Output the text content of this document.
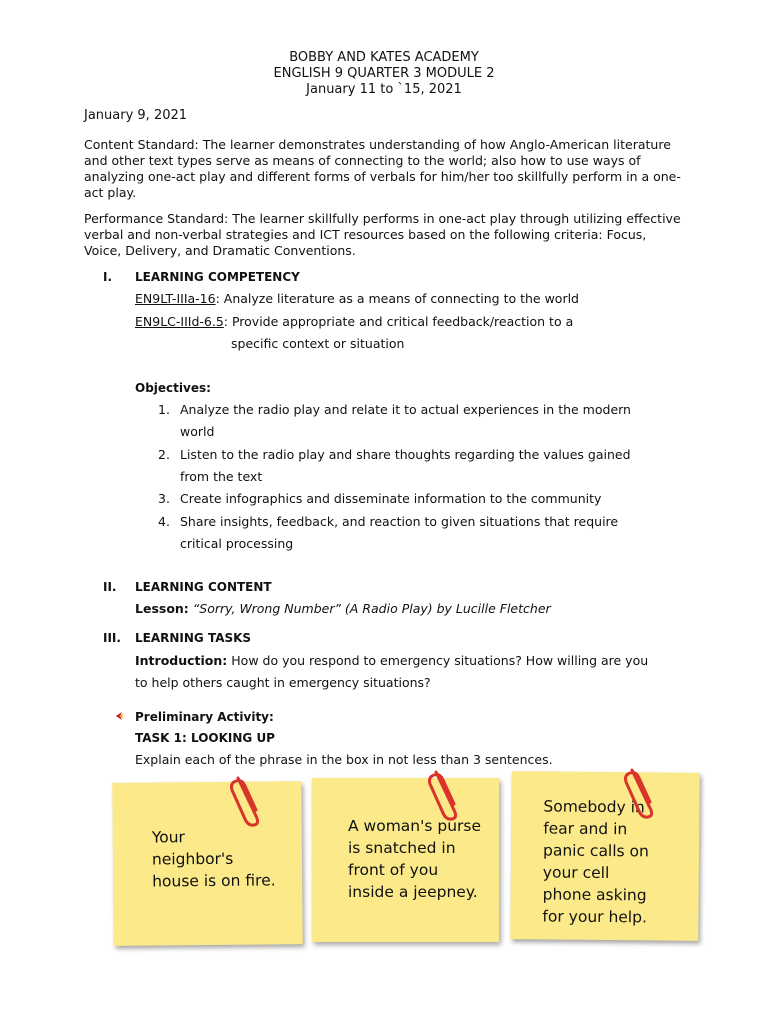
BOBBY AND KATES ACADEMY
ENGLISH 9 QUARTER 3 MODULE 2
January 11 to `15, 2021
January 9, 2021
Content Standard: The learner demonstrates understanding of how Anglo-American literature and other text types serve as means of connecting to the world; also how to use ways of analyzing one-act play and different forms of verbals for him/her too skillfully perform in a one-act play.
Performance Standard: The learner skillfully performs in one-act play through utilizing effective verbal and non-verbal strategies and ICT resources based on the following criteria: Focus, Voice, Delivery, and Dramatic Conventions.
I. LEARNING COMPETENCY
EN9LT-IIIa-16: Analyze literature as a means of connecting to the world
EN9LC-IIId-6.5: Provide appropriate and critical feedback/reaction to a
specific context or situation
Objectives:
1. Analyze the radio play and relate it to actual experiences in the modern world
2. Listen to the radio play and share thoughts regarding the values gained from the text
3. Create infographics and disseminate information to the community
4. Share insights, feedback, and reaction to given situations that require critical processing
II. LEARNING CONTENT
Lesson: “Sorry, Wrong Number” (A Radio Play) by Lucille Fletcher
III. LEARNING TASKS
Introduction: How do you respond to emergency situations? How willing are you
to help others caught in emergency situations?
Preliminary Activity:
TASK 1: LOOKING UP
Explain each of the phrase in the box in not less than 3 sentences.
Your
neighbor's
house is on fire.
A woman's purse
is snatched in
front of you
inside a jeepney.
Somebody in
fear and in
panic calls on
your cell
phone asking
for your help.
